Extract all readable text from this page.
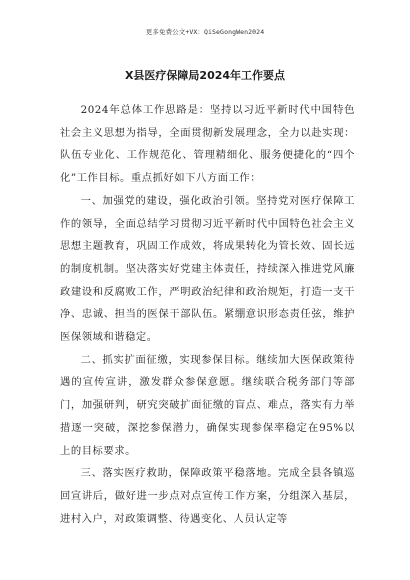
更多免费公文+VX：QiSeGongWen2024
X县医疗保障局2024年工作要点

2024年总体工作思路是：坚持以习近平新时代中国特色社会主义思想为指导，全面贯彻新发展理念，全力以赴实现：队伍专业化、工作规范化、管理精细化、服务便捷化的“四个化”工作目标。重点抓好如下八方面工作：

一、加强党的建设，强化政治引领。坚持党对医疗保障工作的领导，全面总结学习贯彻习近平新时代中国特色社会主义思想主题教育，巩固工作成效，将成果转化为管长效、固长远的制度机制。坚决落实好党建主体责任，持续深入推进党风廉政建设和反腐败工作，严明政治纪律和政治规矩，打造一支干净、忠诚、担当的医保干部队伍。紧绷意识形态责任弦，维护医保领域和谐稳定。

二、抓实扩面征缴，实现参保目标。继续加大医保政策待遇的宣传宣讲，激发群众参保意愿。继续联合税务部门等部门，加强研判，研究突破扩面征缴的盲点、难点，落实有力举措逐一突破，深挖参保潜力，确保实现参保率稳定在95%以上的目标要求。

三、落实医疗救助，保障政策平稳落地。完成全县各镇巡回宣讲后，做好进一步点对点宣传工作方案，分组深入基层，进村入户，对政策调整、待遇变化、人员认定等
